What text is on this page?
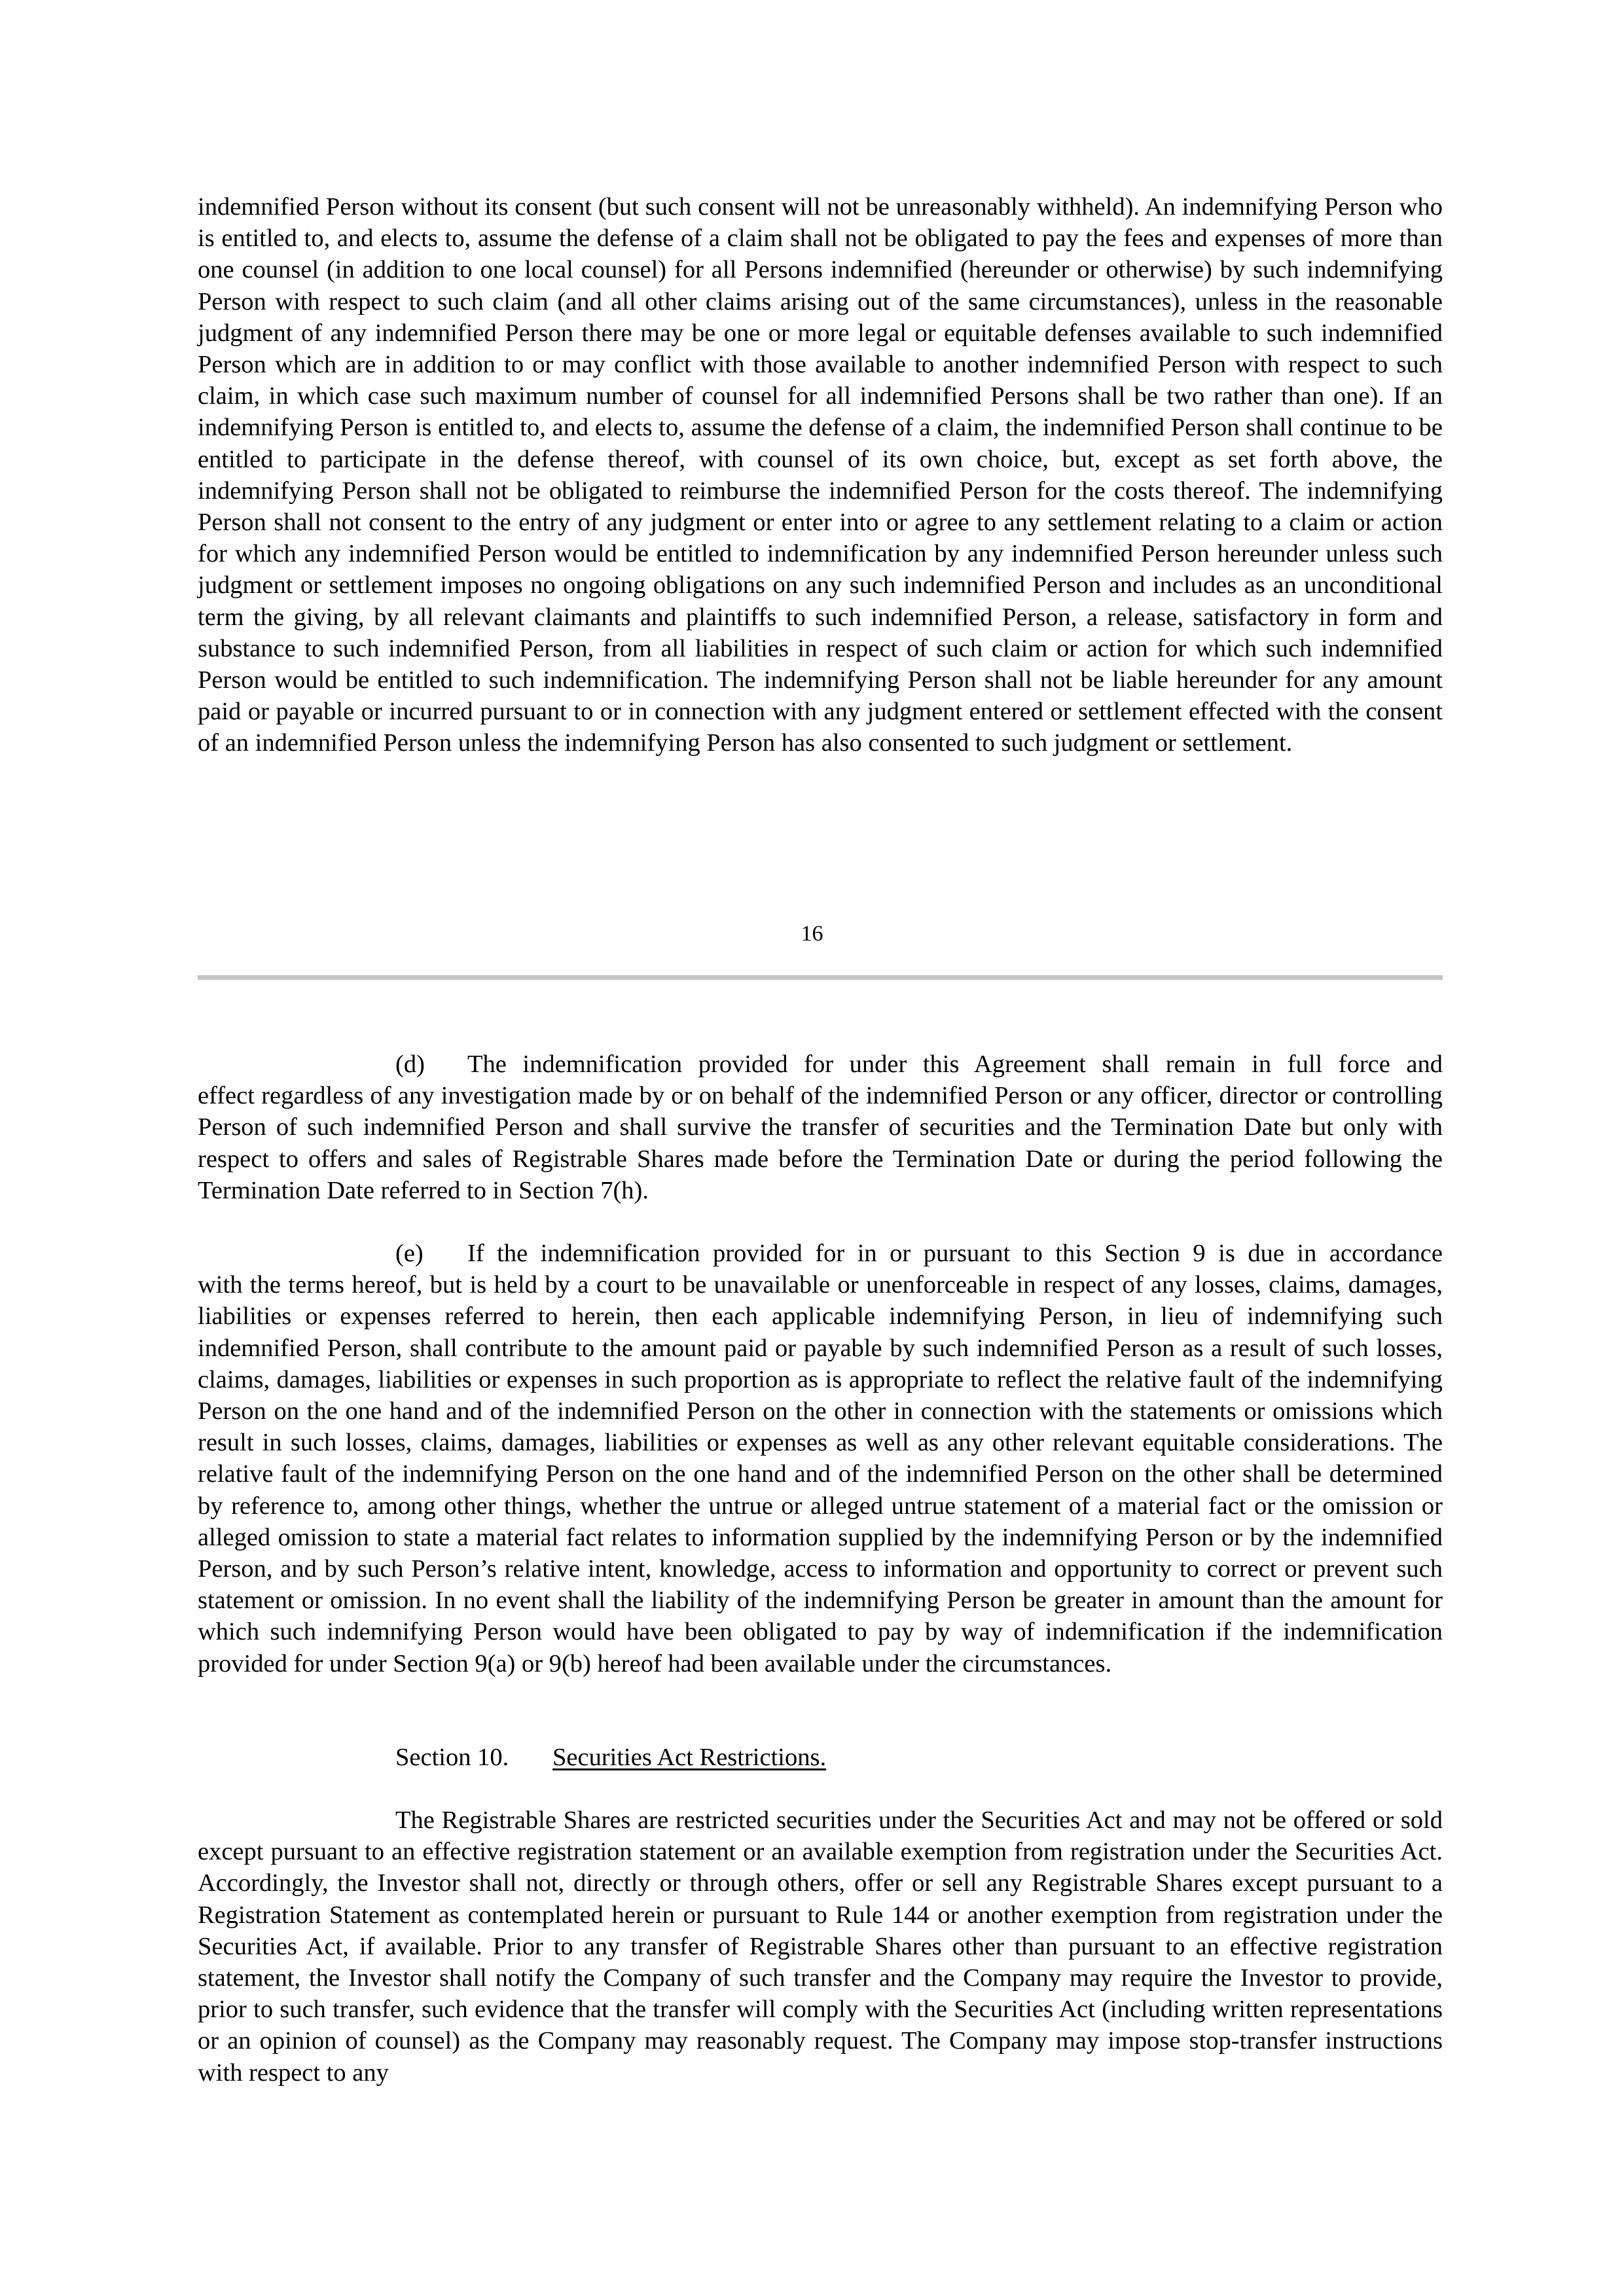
indemnified Person without its consent (but such consent will not be unreasonably withheld). An indemnifying Person who is entitled to, and elects to, assume the defense of a claim shall not be obligated to pay the fees and expenses of more than one counsel (in addition to one local counsel) for all Persons indemnified (hereunder or otherwise) by such indemnifying Person with respect to such claim (and all other claims arising out of the same circumstances), unless in the reasonable judgment of any indemnified Person there may be one or more legal or equitable defenses available to such indemnified Person which are in addition to or may conflict with those available to another indemnified Person with respect to such claim, in which case such maximum number of counsel for all indemnified Persons shall be two rather than one). If an indemnifying Person is entitled to, and elects to, assume the defense of a claim, the indemnified Person shall continue to be entitled to participate in the defense thereof, with counsel of its own choice, but, except as set forth above, the indemnifying Person shall not be obligated to reimburse the indemnified Person for the costs thereof. The indemnifying Person shall not consent to the entry of any judgment or enter into or agree to any settlement relating to a claim or action for which any indemnified Person would be entitled to indemnification by any indemnified Person hereunder unless such judgment or settlement imposes no ongoing obligations on any such indemnified Person and includes as an unconditional term the giving, by all relevant claimants and plaintiffs to such indemnified Person, a release, satisfactory in form and substance to such indemnified Person, from all liabilities in respect of such claim or action for which such indemnified Person would be entitled to such indemnification. The indemnifying Person shall not be liable hereunder for any amount paid or payable or incurred pursuant to or in connection with any judgment entered or settlement effected with the consent of an indemnified Person unless the indemnifying Person has also consented to such judgment or settlement.

16
(d) The indemnification provided for under this Agreement shall remain in full force and

effect regardless of any investigation made by or on behalf of the indemnified Person or any officer, director or controlling Person of such indemnified Person and shall survive the transfer of securities and the Termination Date but only with respect to offers and sales of Registrable Shares made before the Termination Date or during the period following the Termination Date referred to in Section 7(h).

(e) If the indemnification provided for in or pursuant to this Section 9 is due in accordance

with the terms hereof, but is held by a court to be unavailable or unenforceable in respect of any losses, claims, damages, liabilities or expenses referred to herein, then each applicable indemnifying Person, in lieu of indemnifying such indemnified Person, shall contribute to the amount paid or payable by such indemnified Person as a result of such losses, claims, damages, liabilities or expenses in such proportion as is appropriate to reflect the relative fault of the indemnifying Person on the one hand and of the indemnified Person on the other in connection with the statements or omissions which result in such losses, claims, damages, liabilities or expenses as well as any other relevant equitable considerations. The relative fault of the indemnifying Person on the one hand and of the indemnified Person on the other shall be determined by reference to, among other things, whether the untrue or alleged untrue statement of a material fact or the omission or alleged omission to state a material fact relates to information supplied by the indemnifying Person or by the indemnified Person, and by such Person’s relative intent, knowledge, access to information and opportunity to correct or prevent such statement or omission. In no event shall the liability of the indemnifying Person be greater in amount than the amount for which such indemnifying Person would have been obligated to pay by way of indemnification if the indemnification provided for under Section 9(a) or 9(b) hereof had been available under the circumstances.

Section 10. Securities Act Restrictions.

The Registrable Shares are restricted securities under the Securities Act and may not be offered or sold except pursuant to an effective registration statement or an available exemption from registration under the Securities Act. Accordingly, the Investor shall not, directly or through others, offer or sell any Registrable Shares except pursuant to a Registration Statement as contemplated herein or pursuant to Rule 144 or another exemption from registration under the Securities Act, if available. Prior to any transfer of Registrable Shares other than pursuant to an effective registration statement, the Investor shall notify the Company of such transfer and the Company may require the Investor to provide, prior to such transfer, such evidence that the transfer will comply with the Securities Act (including written representations or an opinion of counsel) as the Company may reasonably request. The Company may impose stop-transfer instructions with respect to any
